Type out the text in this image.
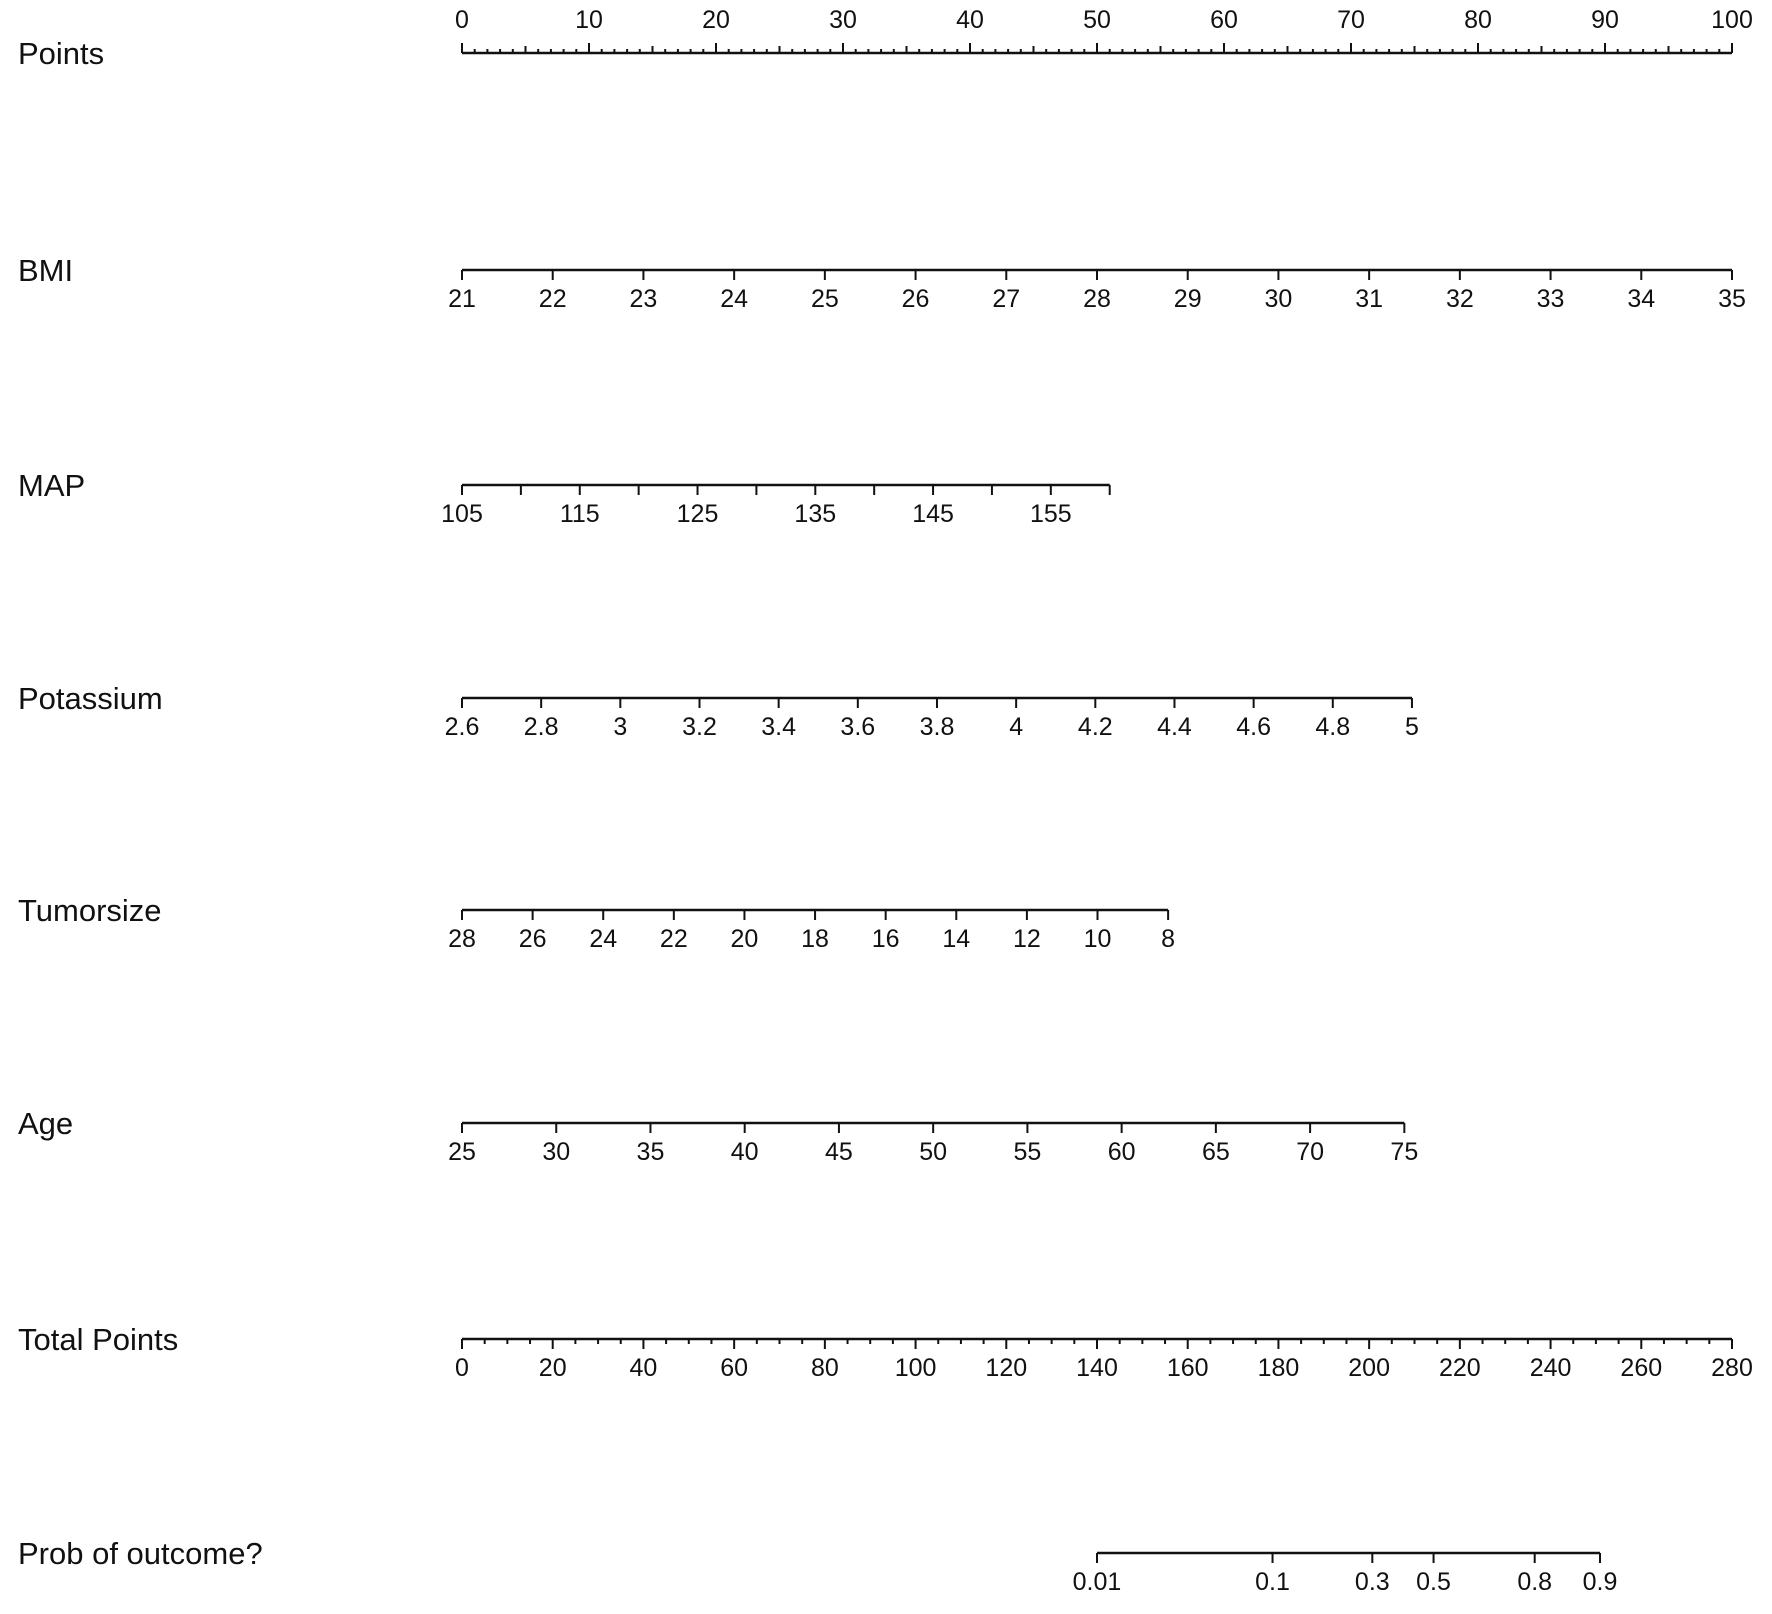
Points
0	10	20	30	40	50	60	70	80	90	100
BMI
21	22	23	24	25	26	27	28	29	30	31	32	33	34	35
MAP
105	115	125	135	145	155
Potassium
2.6 2.8 3 3.2 3.4 3.6 3.8 4 4.2 4.4 4.6 4.8 5
Tumorsize
28 26 24 22 20 18 16 14 12 10 8
Age
25	30	35	40	45	50	55	60	65	70	75
Total Points
0	20	40	60	80 100 120 140 160 180 200 220 240 260 280
Prob of outcome?
0.01	0.1	0.3 0.5	0.8 0.9
